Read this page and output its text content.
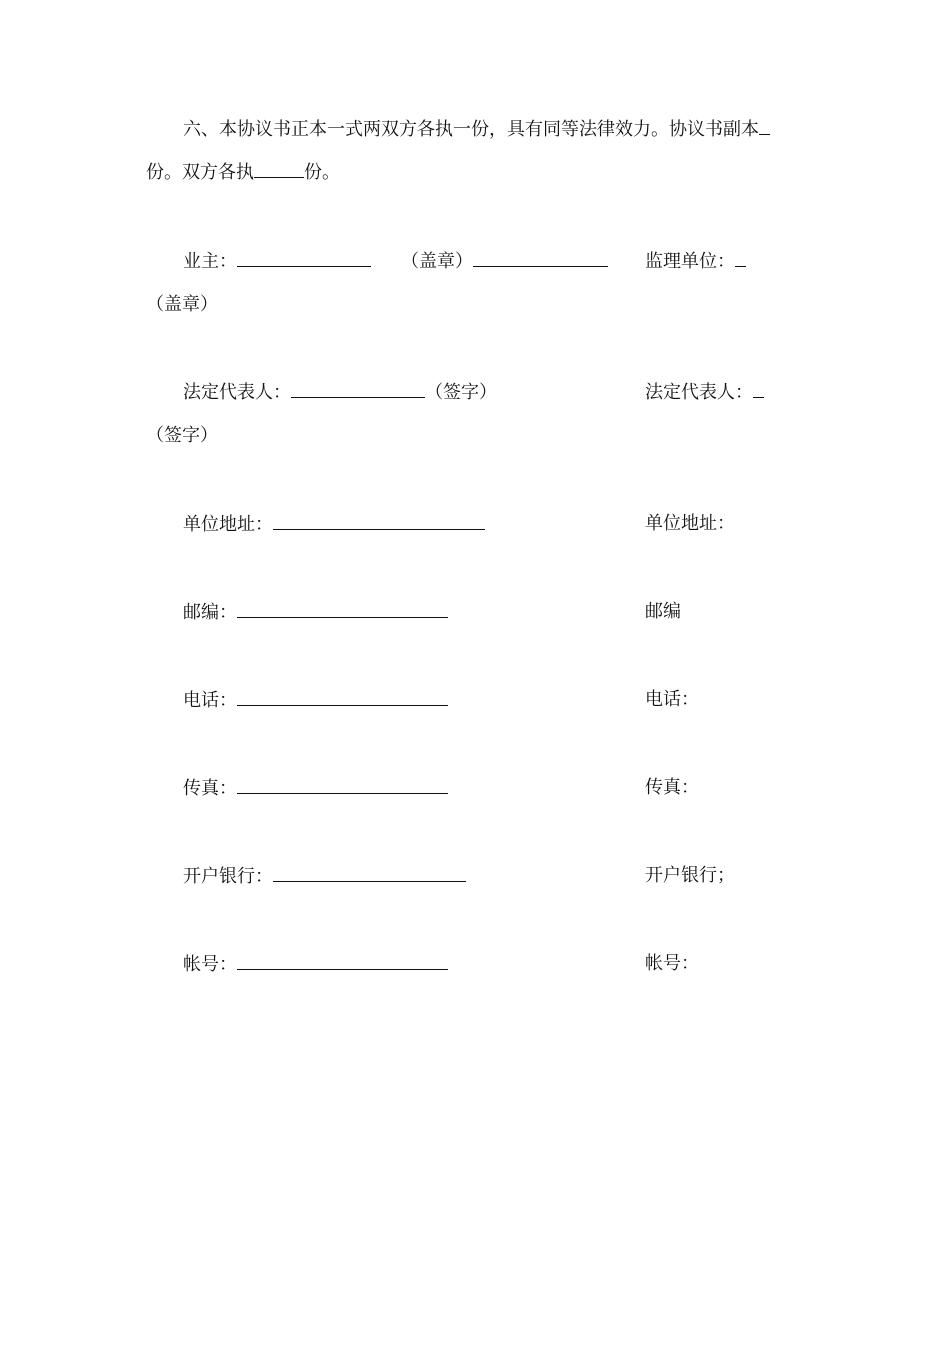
六、本协议书正本一式两双方各执一份，具有同等法律效力。协议书副本
份。双方各执	份。
业主：	（盖章）	监理单位：
（盖章）
法定代表人：	（签字）	法定代表人：
（签字）
单位地址：	单位地址：
邮编：	邮编
电话：	电话：
传真：	传真：
开户银行：	开户银行；
帐号：	帐号：
